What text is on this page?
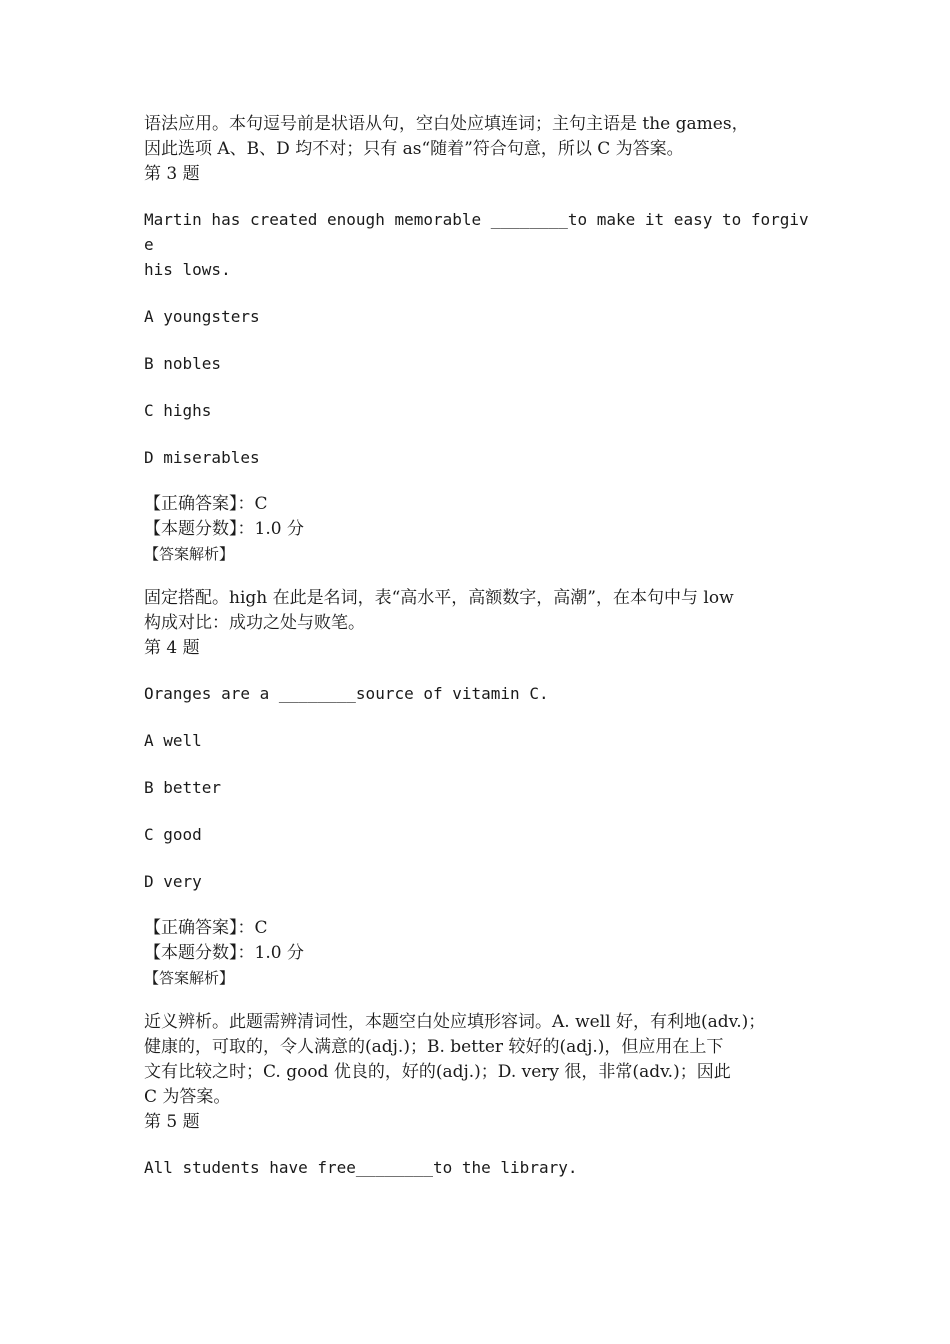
语法应用。本句逗号前是状语从句，空白处应填连词；主句主语是 the games，
因此选项 A、B、D 均不对；只有 as“随着”符合句意，所以 C 为答案。
第 3 题
Martin has created enough memorable ________to make it easy to forgive
his lows.
A youngsters
B nobles
C highs
D miserables
【正确答案】：C
【本题分数】：1.0 分
【答案解析】
固定搭配。high 在此是名词，表“高水平，高额数字，高潮”，在本句中与 low
构成对比：成功之处与败笔。
第 4 题
Oranges are a ________source of vitamin C.
A well
B better
C good
D very
【正确答案】：C
【本题分数】：1.0 分
【答案解析】
近义辨析。此题需辨清词性，本题空白处应填形容词。A. well 好，有利地(adv.)；
健康的，可取的，令人满意的(adj.)；B. better 较好的(adj.)，但应用在上下
文有比较之时；C. good 优良的，好的(adj.)；D. very 很，非常(adv.)；因此
C 为答案。
第 5 题
All students have free________to the library.
